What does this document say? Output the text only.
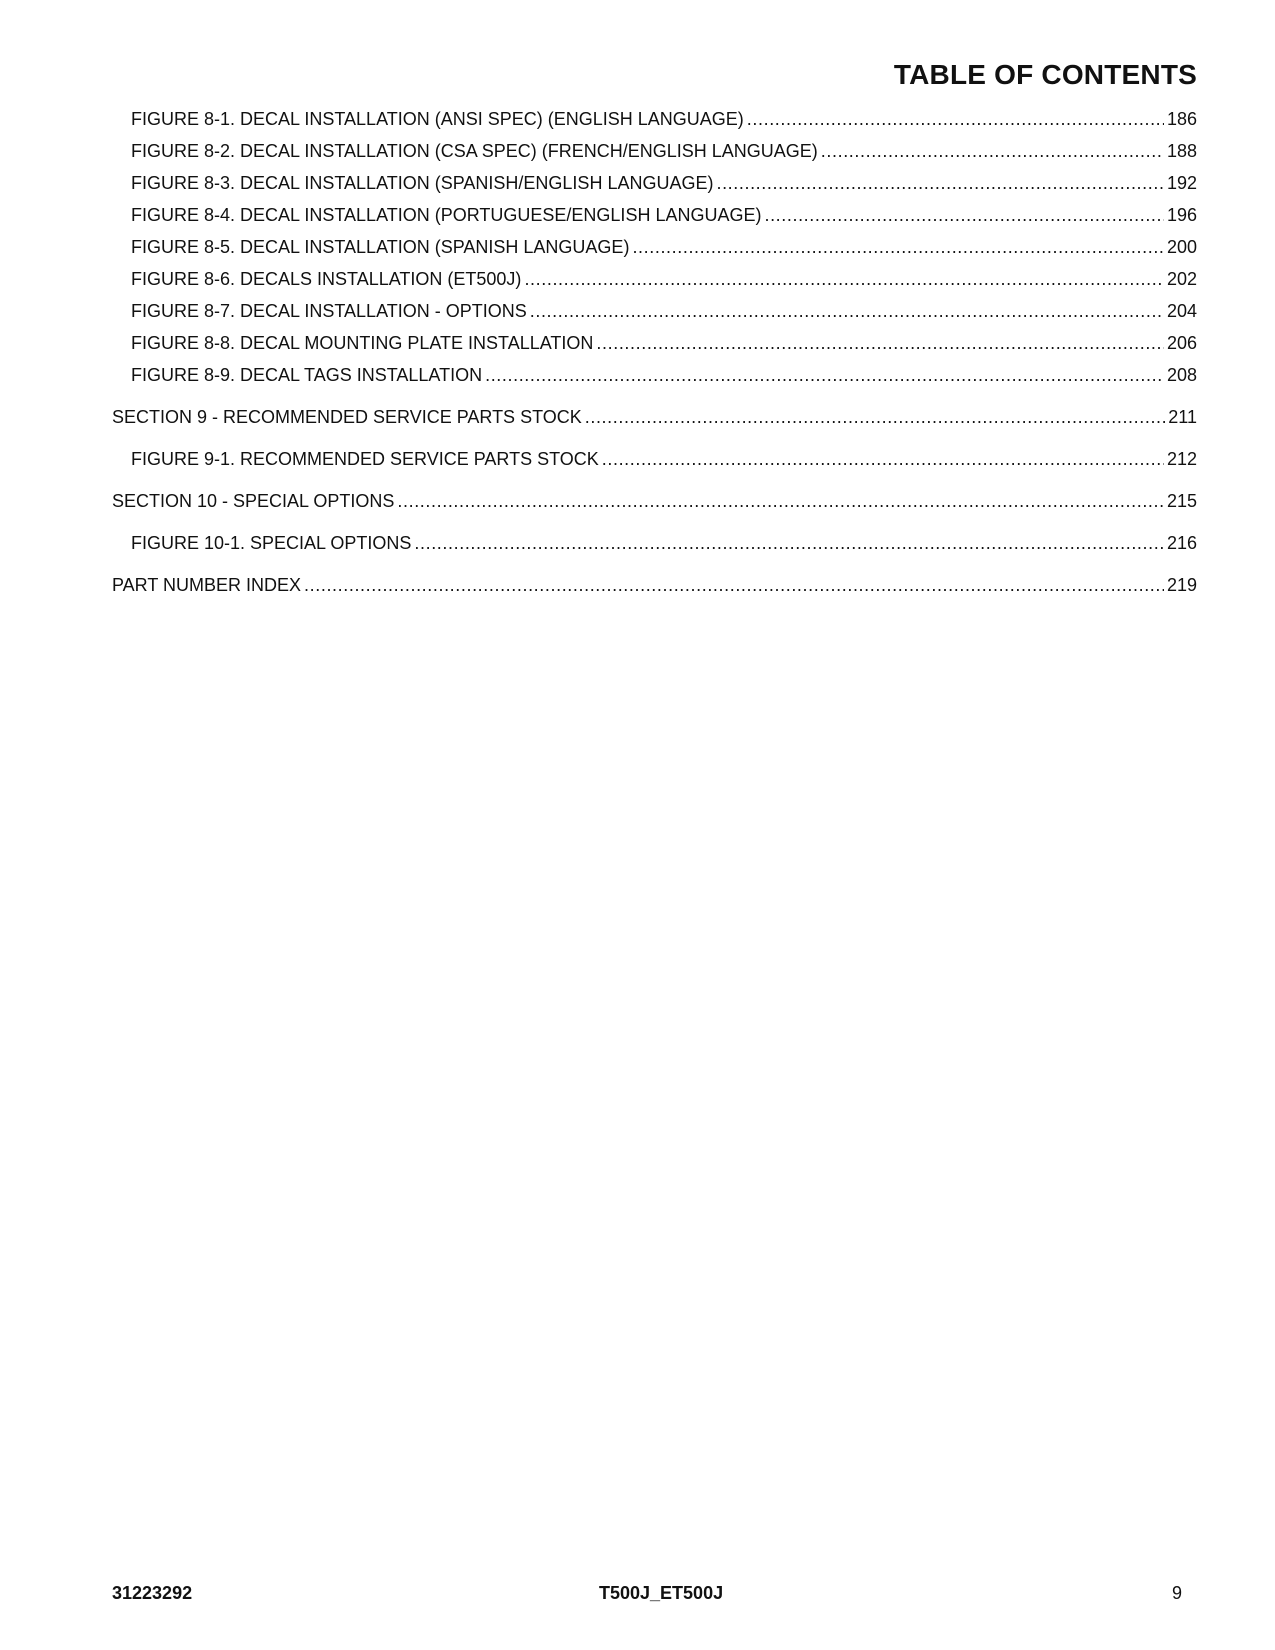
TABLE OF CONTENTS
FIGURE 8-1. DECAL INSTALLATION (ANSI SPEC) (ENGLISH LANGUAGE) .....	186
FIGURE 8-2. DECAL INSTALLATION (CSA SPEC) (FRENCH/ENGLISH LANGUAGE) .....	188
FIGURE 8-3. DECAL INSTALLATION (SPANISH/ENGLISH LANGUAGE) .....	192
FIGURE 8-4. DECAL INSTALLATION (PORTUGUESE/ENGLISH LANGUAGE) .....	196
FIGURE 8-5. DECAL INSTALLATION (SPANISH LANGUAGE) .....	200
FIGURE 8-6. DECALS INSTALLATION (ET500J) .....	202
FIGURE 8-7. DECAL INSTALLATION - OPTIONS .....	204
FIGURE 8-8. DECAL MOUNTING PLATE INSTALLATION .....	206
FIGURE 8-9. DECAL TAGS INSTALLATION .....	208
SECTION 9 - RECOMMENDED SERVICE PARTS STOCK .....	211
FIGURE 9-1. RECOMMENDED SERVICE PARTS STOCK .....	212
SECTION 10 - SPECIAL OPTIONS .....	215
FIGURE 10-1. SPECIAL OPTIONS .....	216
PART NUMBER INDEX .....	219
31223292	T500J_ET500J	9
